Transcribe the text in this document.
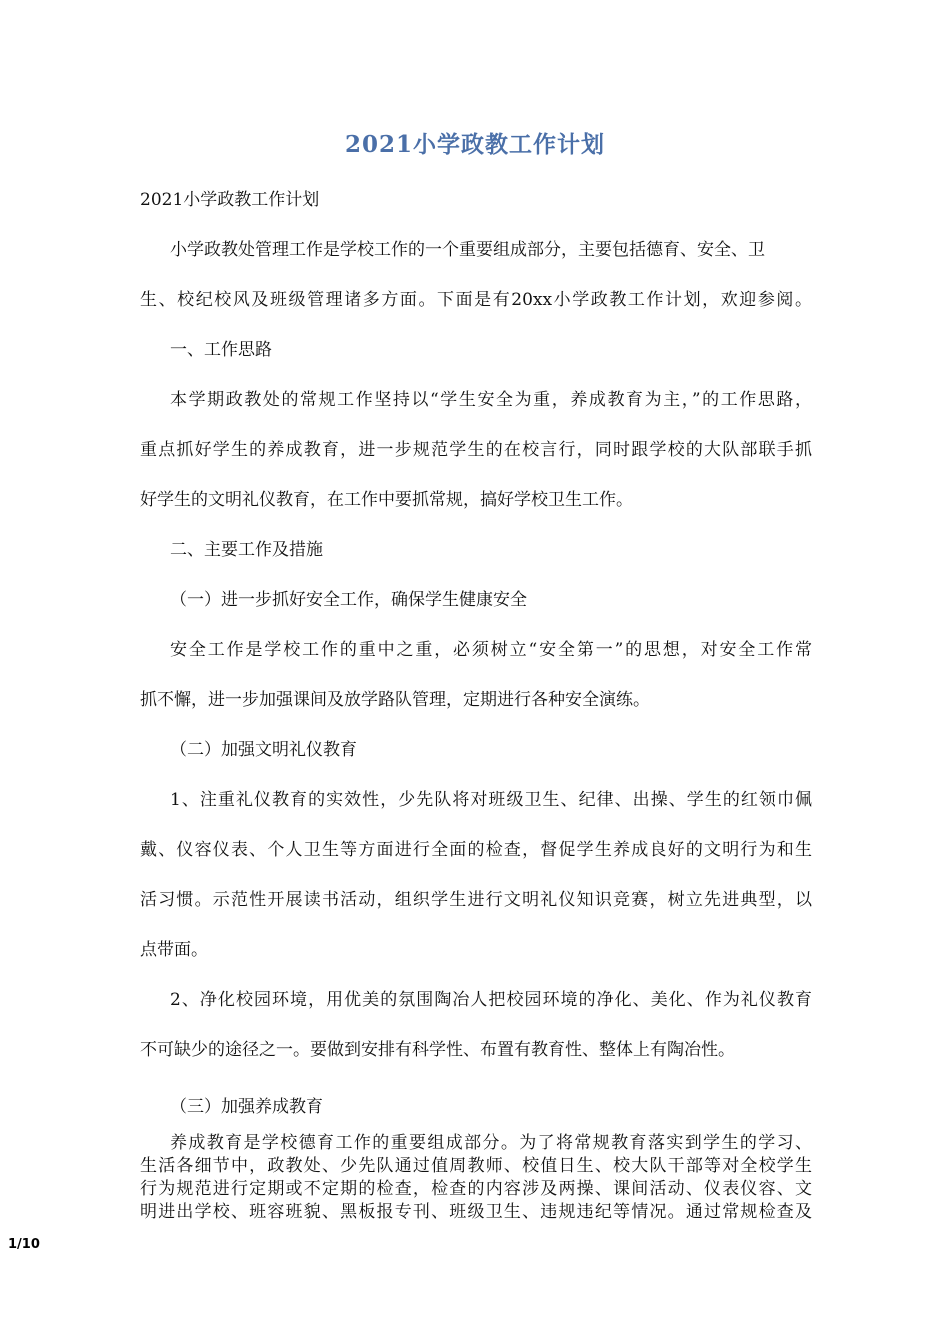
2021小学政教工作计划
2021小学政教工作计划
小学政教处管理工作是学校工作的一个重要组成部分，主要包括德育、安全、卫
生、校纪校风及班级管理诸多方面。下面是有20xx小学政教工作计划，欢迎参阅。
一、工作思路
本学期政教处的常规工作坚持以“学生安全为重，养成教育为主，”的工作思路，
重点抓好学生的养成教育，进一步规范学生的在校言行，同时跟学校的大队部联手抓
好学生的文明礼仪教育，在工作中要抓常规，搞好学校卫生工作。
二、主要工作及措施
（一）进一步抓好安全工作，确保学生健康安全
安全工作是学校工作的重中之重，必须树立“安全第一”的思想，对安全工作常
抓不懈，进一步加强课间及放学路队管理，定期进行各种安全演练。
（二）加强文明礼仪教育
1、注重礼仪教育的实效性，少先队将对班级卫生、纪律、出操、学生的红领巾佩
戴、仪容仪表、个人卫生等方面进行全面的检查，督促学生养成良好的文明行为和生
活习惯。示范性开展读书活动，组织学生进行文明礼仪知识竞赛，树立先进典型，以
点带面。
2、净化校园环境，用优美的氛围陶冶人把校园环境的净化、美化、作为礼仪教育
不可缺少的途径之一。要做到安排有科学性、布置有教育性、整体上有陶冶性。
（三）加强养成教育
养成教育是学校德育工作的重要组成部分。为了将常规教育落实到学生的学习、
生活各细节中，政教处、少先队通过值周教师、校值日生、校大队干部等对全校学生
行为规范进行定期或不定期的检查，检查的内容涉及两操、课间活动、仪表仪容、文
明进出学校、班容班貌、黑板报专刊、班级卫生、违规违纪等情况。通过常规检查及
1/10
